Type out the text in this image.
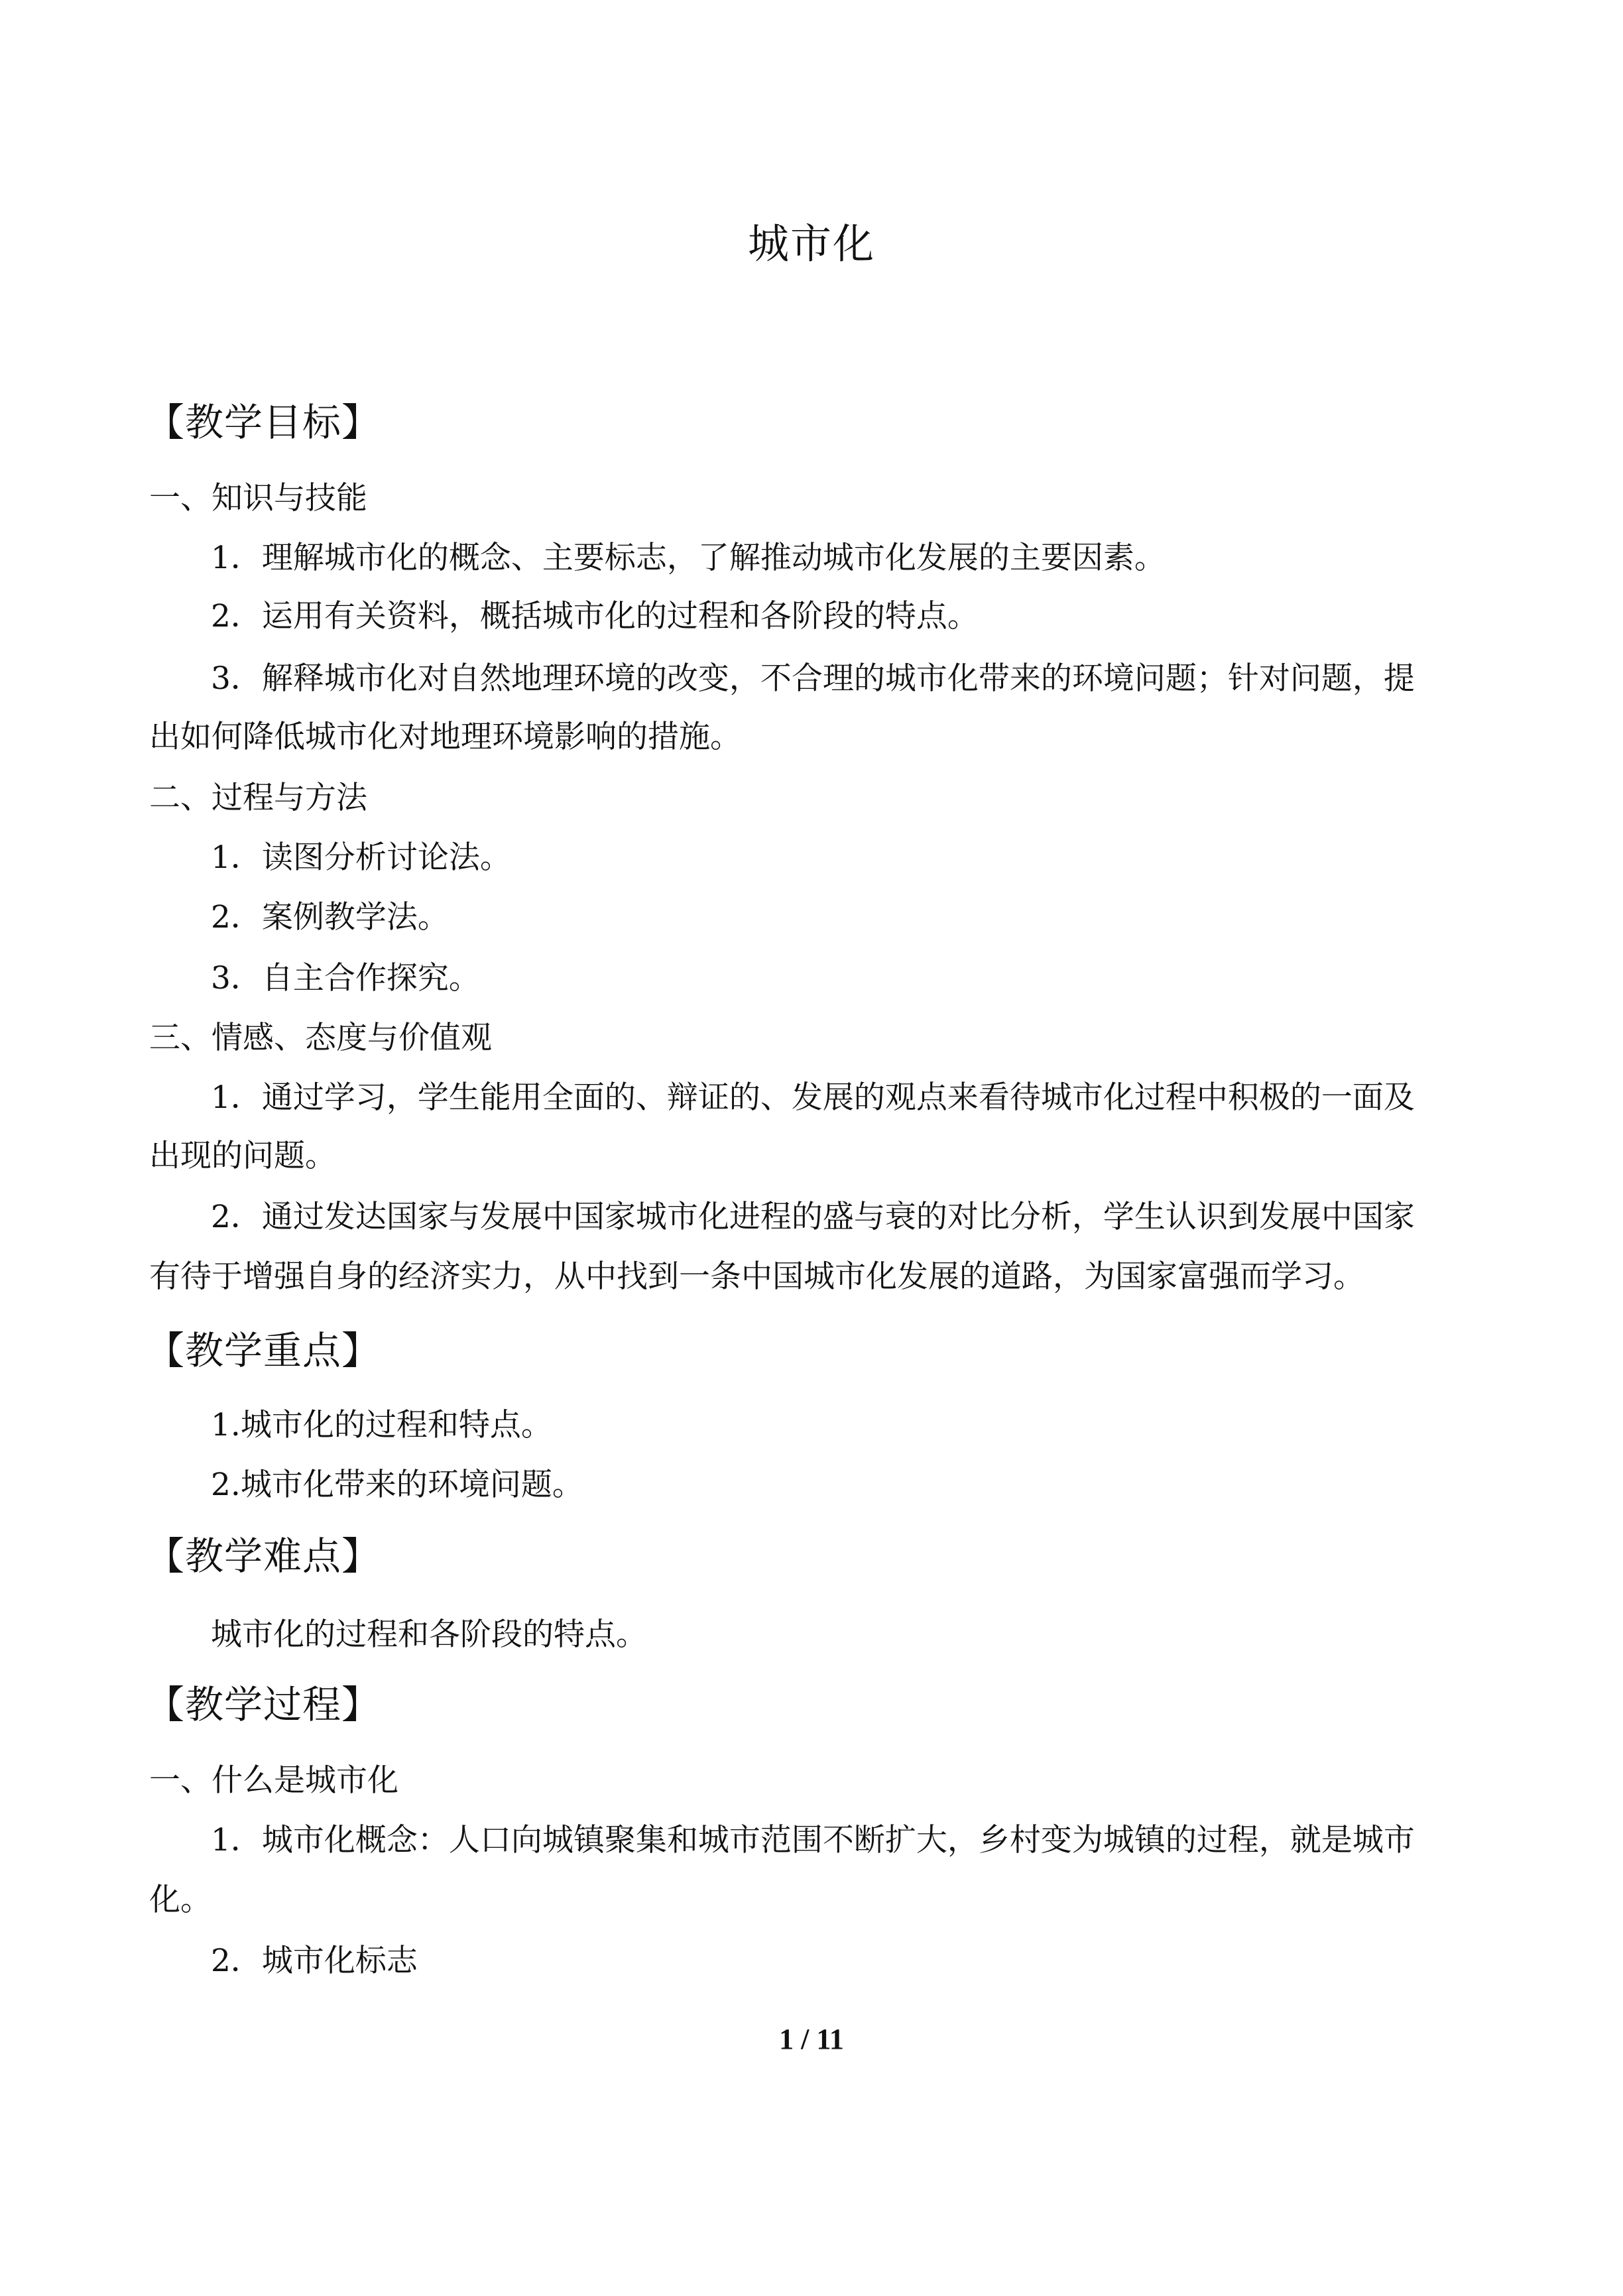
城市化
【教学目标】
一、知识与技能
1．理解城市化的概念、主要标志，了解推动城市化发展的主要因素。
2．运用有关资料，概括城市化的过程和各阶段的特点。
3．解释城市化对自然地理环境的改变，不合理的城市化带来的环境问题；针对问题，提
出如何降低城市化对地理环境影响的措施。
二、过程与方法
1．读图分析讨论法。
2．案例教学法。
3．自主合作探究。
三、情感、态度与价值观
1．通过学习，学生能用全面的、辩证的、发展的观点来看待城市化过程中积极的一面及
出现的问题。
2．通过发达国家与发展中国家城市化进程的盛与衰的对比分析，学生认识到发展中国家
有待于增强自身的经济实力，从中找到一条中国城市化发展的道路，为国家富强而学习。
【教学重点】
1.城市化的过程和特点。
2.城市化带来的环境问题。
【教学难点】
城市化的过程和各阶段的特点。
【教学过程】
一、什么是城市化
1．城市化概念：人口向城镇聚集和城市范围不断扩大，乡村变为城镇的过程，就是城市
化。
2．城市化标志
1 / 11
